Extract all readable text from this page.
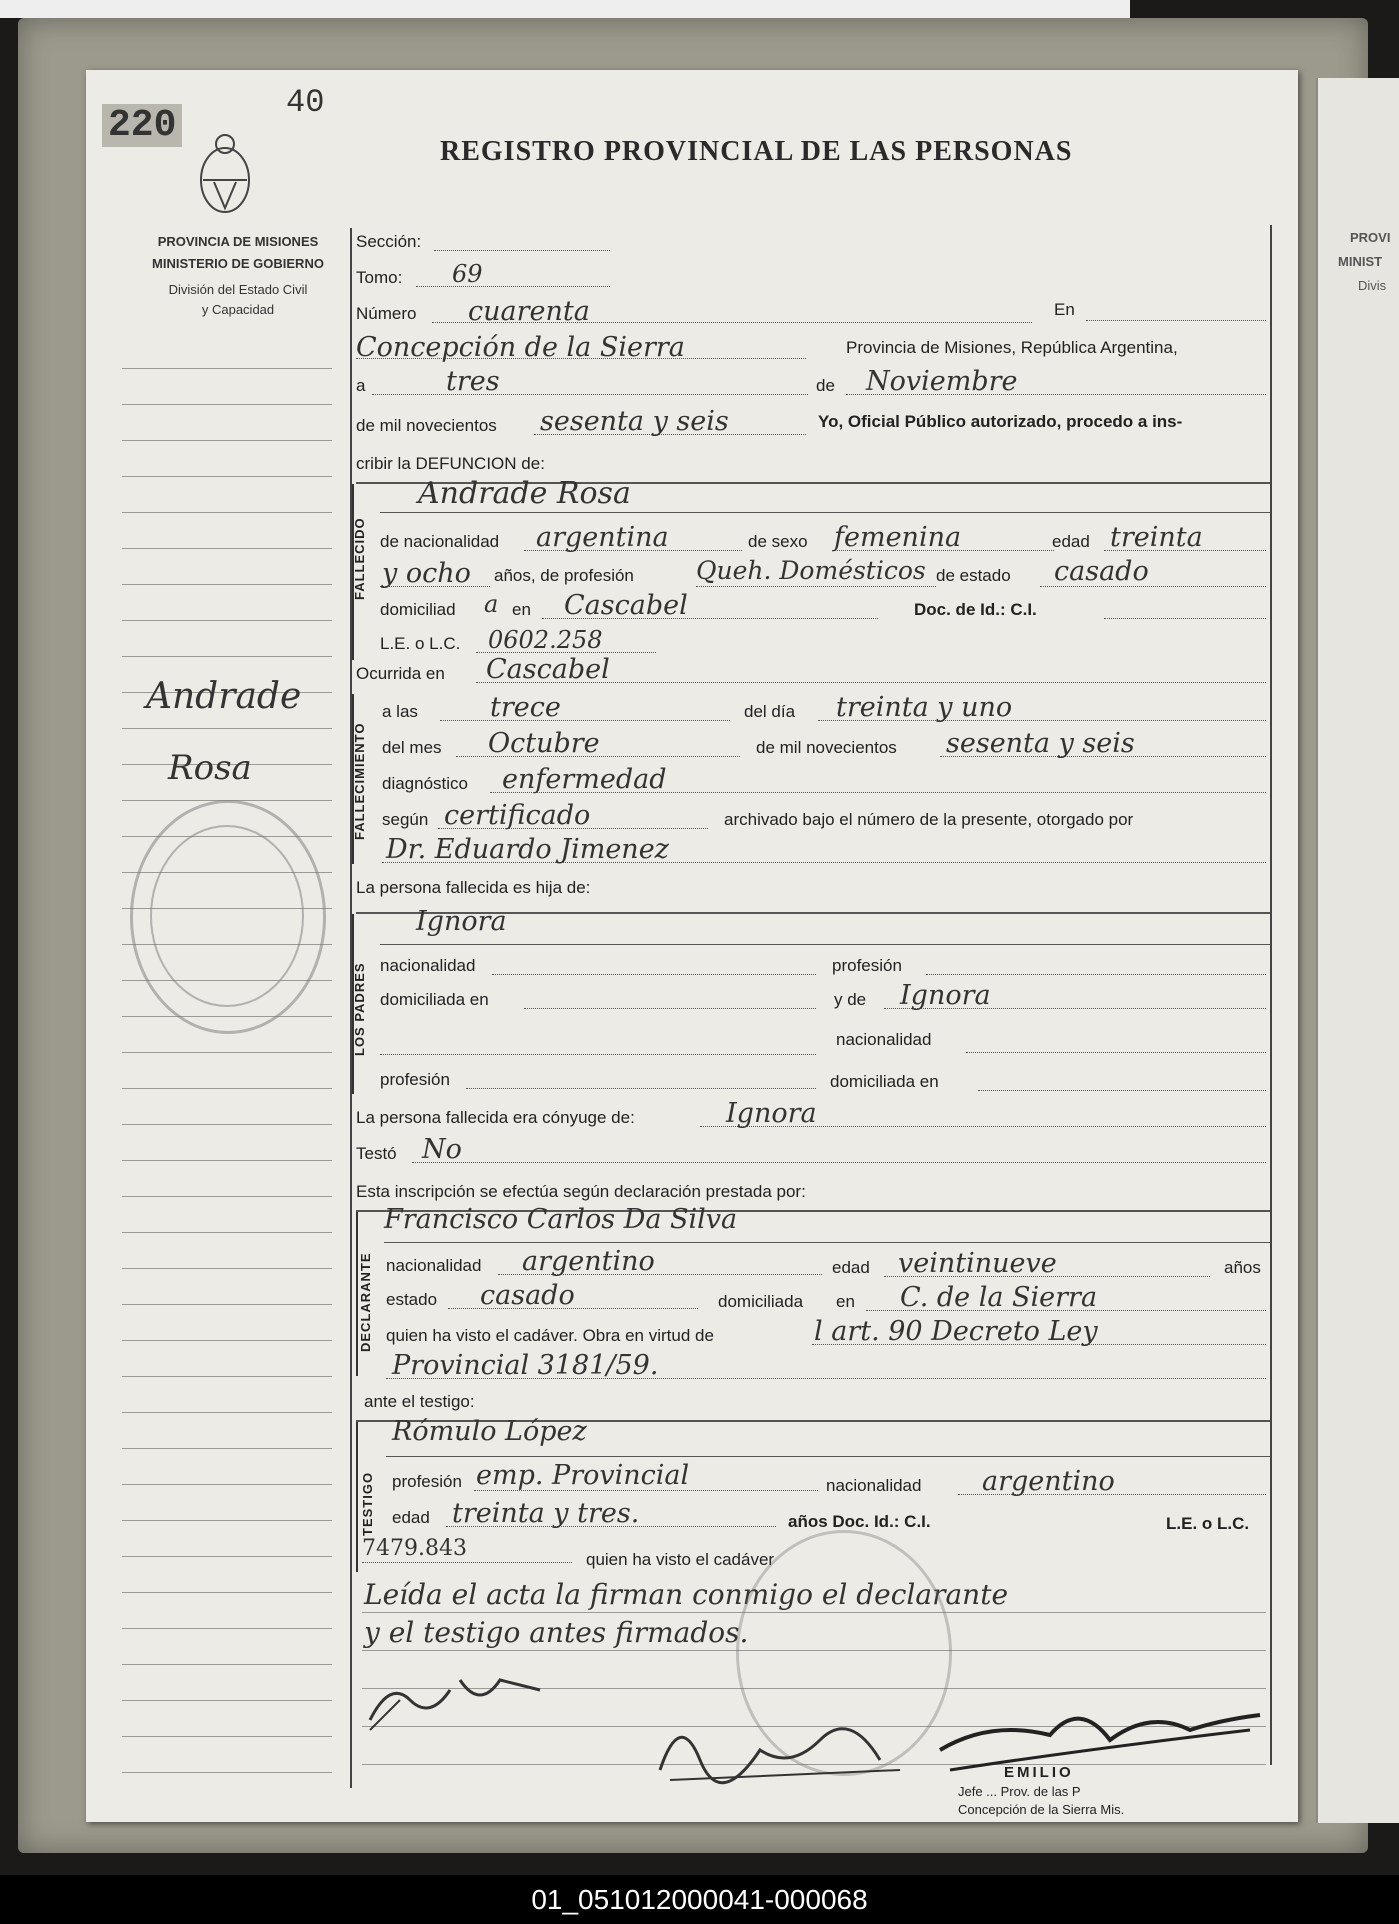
PROVI
MINIST
Divis
220
40
REGISTRO PROVINCIAL DE LAS PERSONAS
PROVINCIA DE MISIONES
MINISTERIO DE GOBIERNO
División del Estado Civil
y Capacidad
Andrade
Rosa
Sección:
Tomo: 69
Número cuarenta	En
Concepción de la Sierra	Provincia de Misiones, República Argentina,
a	tres	de Noviembre
de mil novecientos sesenta y seis	Yo, Oficial Público autorizado, procedo a ins-
cribir la DEFUNCION de:
FALLECIDO
Andrade Rosa
de nacionalidad argentina	de sexo femenina	edad treinta
y ocho años, de profesión Queh. Domésticos de estado casado
domiciliad a en Cascabel	Doc. de Id.: C.I.
L.E. o L.C. 0602.258
Ocurrida en Cascabel
FALLECIMIENTO
a las	trece	del día treinta y uno
del mes Octubre	de mil novecientos sesenta y seis
diagnóstico enfermedad
según certificado	archivado bajo el número de la presente, otorgado por
Dr. Eduardo Jimenez
La persona fallecida es hija de:
LOS PADRES
Ignora
nacionalidad	profesión
domiciliada en	y de Ignora
nacionalidad
profesión	domiciliada en
La persona fallecida era cónyuge de:	Ignora
Testó No
Esta inscripción se efectúa según declaración prestada por:
DECLARANTE
Francisco Carlos Da Silva
nacionalidad argentino	edad veintinueve	años
estado casado	domiciliada en C. de la Sierra
quien ha visto el cadáver. Obra en virtud de	l art. 90 Decreto Ley
Provincial 3181/59.
ante el testigo:
TESTIGO
Rómulo López
profesión emp. Provincial	nacionalidad argentino
edad treinta y tres.	años Doc. Id.: C.I.	L.E. o L.C.
7479.843	quien ha visto el cadáver
Leída el acta la firman conmigo el declarante
y el testigo antes firmados.
EMILIO
Jefe ... Prov. de las P
Concepción de la Sierra Mis.
01_051012000041-000068
